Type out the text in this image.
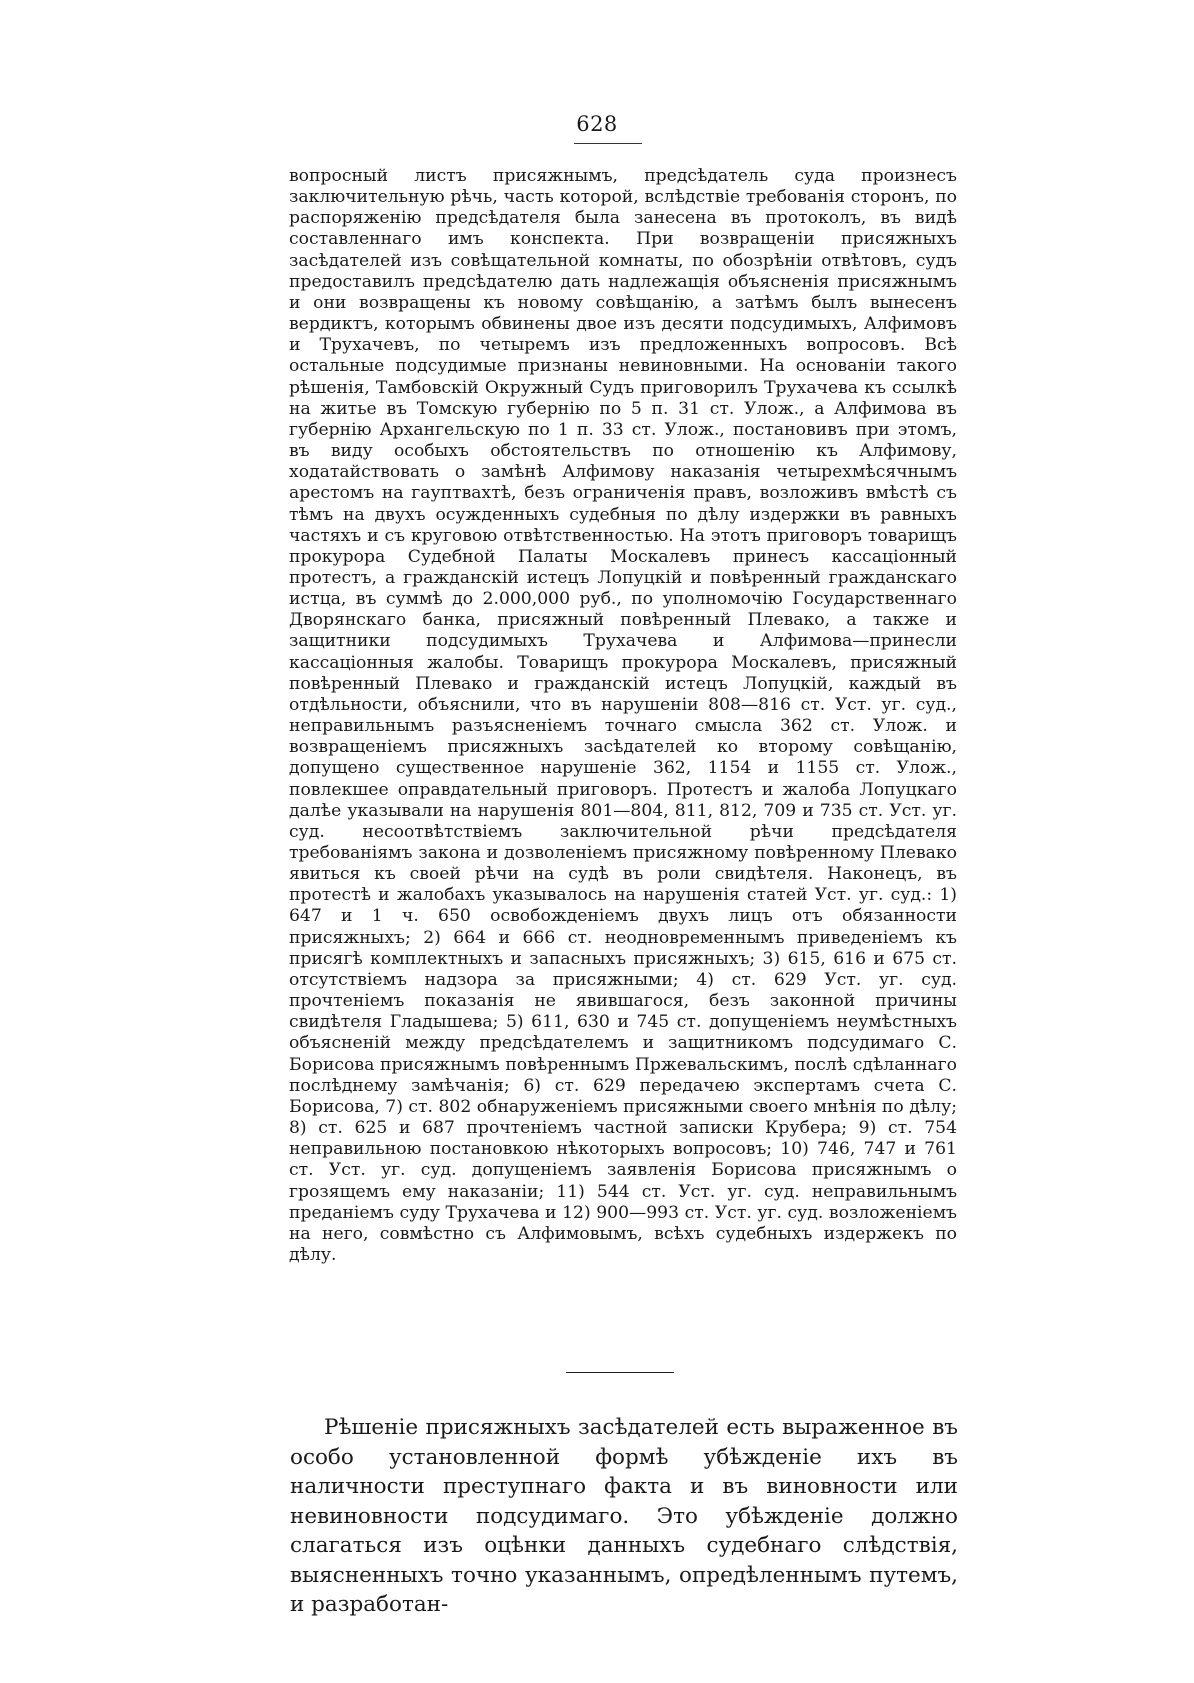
628

вопросный листъ присяжнымъ, предсѣдатель суда произнесъ заключительную рѣчь, часть которой, вслѣдствіе требованія сторонъ, по распоряженію предсѣдателя была занесена въ протоколъ, въ видѣ составленнаго имъ конспекта. При возвращеніи присяжныхъ засѣдателей изъ совѣщательной комнаты, по обозрѣніи отвѣтовъ, судъ предоставилъ предсѣдателю дать надлежащія объясненія присяжнымъ и они возвращены къ новому совѣщанію, а затѣмъ былъ вынесенъ вердиктъ, которымъ обвинены двое изъ десяти подсудимыхъ, Алфимовъ и Трухачевъ, по четыремъ изъ предложенныхъ вопросовъ. Всѣ остальные подсудимые признаны невиновными. На основаніи такого рѣшенія, Тамбовскій Окружный Судъ приговорилъ Трухачева къ ссылкѣ на житье въ Томскую губернію по 5 п. 31 ст. Улож., а Алфимова въ губернію Архангельскую по 1 п. 33 ст. Улож., постановивъ при этомъ, въ виду особыхъ обстоятельствъ по отношенію къ Алфимову, ходатайствовать о замѣнѣ Алфимову наказанія четырехмѣсячнымъ арестомъ на гауптвахтѣ, безъ ограниченія правъ, возложивъ вмѣстѣ съ тѣмъ на двухъ осужденныхъ судебныя по дѣлу издержки въ равныхъ частяхъ и съ круговою отвѣтственностью. На этотъ приговоръ товарищъ прокурора Судебной Палаты Москалевъ принесъ кассаціонный протестъ, а гражданскій истецъ Лопуцкій и повѣренный гражданскаго истца, въ суммѣ до 2.000,000 руб., по уполномочію Государственнаго Дворянскаго банка, присяжный повѣренный Плевако, а также и защитники подсудимыхъ Трухачева и Алфимова—принесли кассаціонныя жалобы. Товарищъ прокурора Москалевъ, присяжный повѣренный Плевако и гражданскій истецъ Лопуцкій, каждый въ отдѣльности, объяснили, что въ нарушеніи 808—816 ст. Уст. уг. суд., неправильнымъ разъясненіемъ точнаго смысла 362 ст. Улож. и возвращеніемъ присяжныхъ засѣдателей ко второму совѣщанію, допущено существенное нарушеніе 362, 1154 и 1155 ст. Улож., повлекшее оправдательный приговоръ. Протестъ и жалоба Лопуцкаго далѣе указывали на нарушенія 801—804, 811, 812, 709 и 735 ст. Уст. уг. суд. несоотвѣтствіемъ заключительной рѣчи предсѣдателя требованіямъ закона и дозволеніемъ присяжному повѣренному Плевако явиться къ своей рѣчи на судѣ въ роли свидѣтеля. Наконецъ, въ протестѣ и жалобахъ указывалось на нарушенія статей Уст. уг. суд.: 1) 647 и 1 ч. 650 освобожденіемъ двухъ лицъ отъ обязанности присяжныхъ; 2) 664 и 666 ст. неодновременнымъ приведеніемъ къ присягѣ комплектныхъ и запасныхъ присяжныхъ; 3) 615, 616 и 675 ст. отсутствіемъ надзора за присяжными; 4) ст. 629 Уст. уг. суд. прочтеніемъ показанія не явившагося, безъ законной причины свидѣтеля Гладышева; 5) 611, 630 и 745 ст. допущеніемъ неумѣстныхъ объясненій между предсѣдателемъ и защитникомъ подсудимаго С. Борисова присяжнымъ повѣреннымъ Пржевальскимъ, послѣ сдѣланнаго послѣднему замѣчанія; 6) ст. 629 передачею экспертамъ счета С. Борисова, 7) ст. 802 обнаруженіемъ присяжными своего мнѣнія по дѣлу; 8) ст. 625 и 687 прочтеніемъ частной записки Крубера; 9) ст. 754 неправильною постановкою нѣкоторыхъ вопросовъ; 10) 746, 747 и 761 ст. Уст. уг. суд. допущеніемъ заявленія Борисова присяжнымъ о грозящемъ ему наказаніи; 11) 544 ст. Уст. уг. суд. неправильнымъ преданіемъ суду Трухачева и 12) 900—993 ст. Уст. уг. суд. возложеніемъ на него, совмѣстно съ Алфимовымъ, всѣхъ судебныхъ издержекъ по дѣлу.

Рѣшеніе присяжныхъ засѣдателей есть выраженное въ особо установленной формѣ убѣжденіе ихъ въ наличности преступнаго факта и въ виновности или невиновности подсудимаго. Это убѣжденіе должно слагаться изъ оцѣнки данныхъ судебнаго слѣдствія, выясненныхъ точно указаннымъ, опредѣленнымъ путемъ, и разработан-
